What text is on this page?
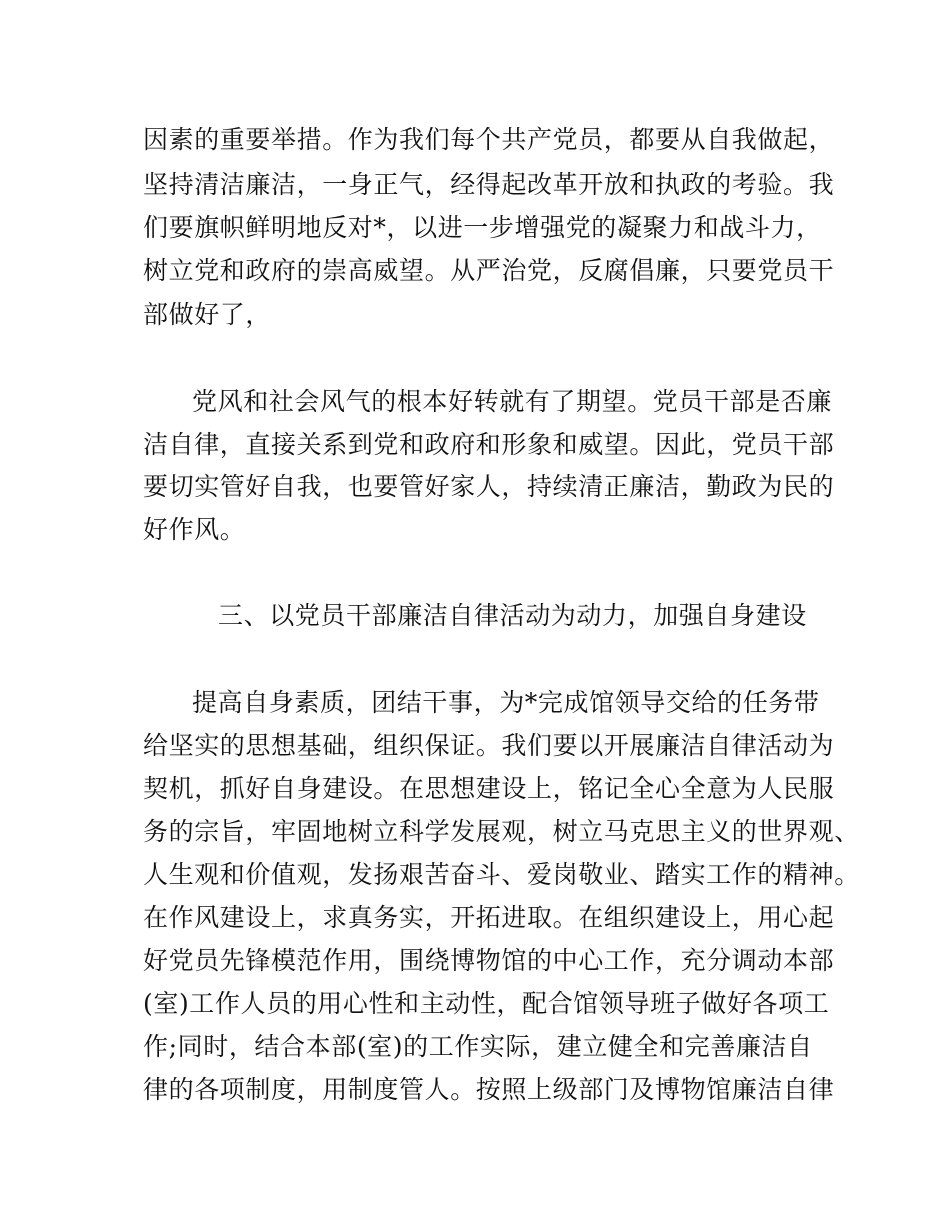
因素的重要举措。作为我们每个共产党员，都要从自我做起，
坚持清洁廉洁，一身正气，经得起改革开放和执政的考验。我
们要旗帜鲜明地反对*，以进一步增强党的凝聚力和战斗力，
树立党和政府的崇高威望。从严治党，反腐倡廉，只要党员干
部做好了，
党风和社会风气的根本好转就有了期望。党员干部是否廉
洁自律，直接关系到党和政府和形象和威望。因此，党员干部
要切实管好自我，也要管好家人，持续清正廉洁，勤政为民的
好作风。
三、以党员干部廉洁自律活动为动力，加强自身建设
提高自身素质，团结干事，为*完成馆领导交给的任务带
给坚实的思想基础，组织保证。我们要以开展廉洁自律活动为
契机，抓好自身建设。在思想建设上，铭记全心全意为人民服
务的宗旨，牢固地树立科学发展观，树立马克思主义的世界观、
人生观和价值观，发扬艰苦奋斗、爱岗敬业、踏实工作的精神。
在作风建设上，求真务实，开拓进取。在组织建设上，用心起
好党员先锋模范作用，围绕博物馆的中心工作，充分调动本部
(室)工作人员的用心性和主动性，配合馆领导班子做好各项工
作;同时，结合本部(室)的工作实际，建立健全和完善廉洁自
律的各项制度，用制度管人。按照上级部门及博物馆廉洁自律
